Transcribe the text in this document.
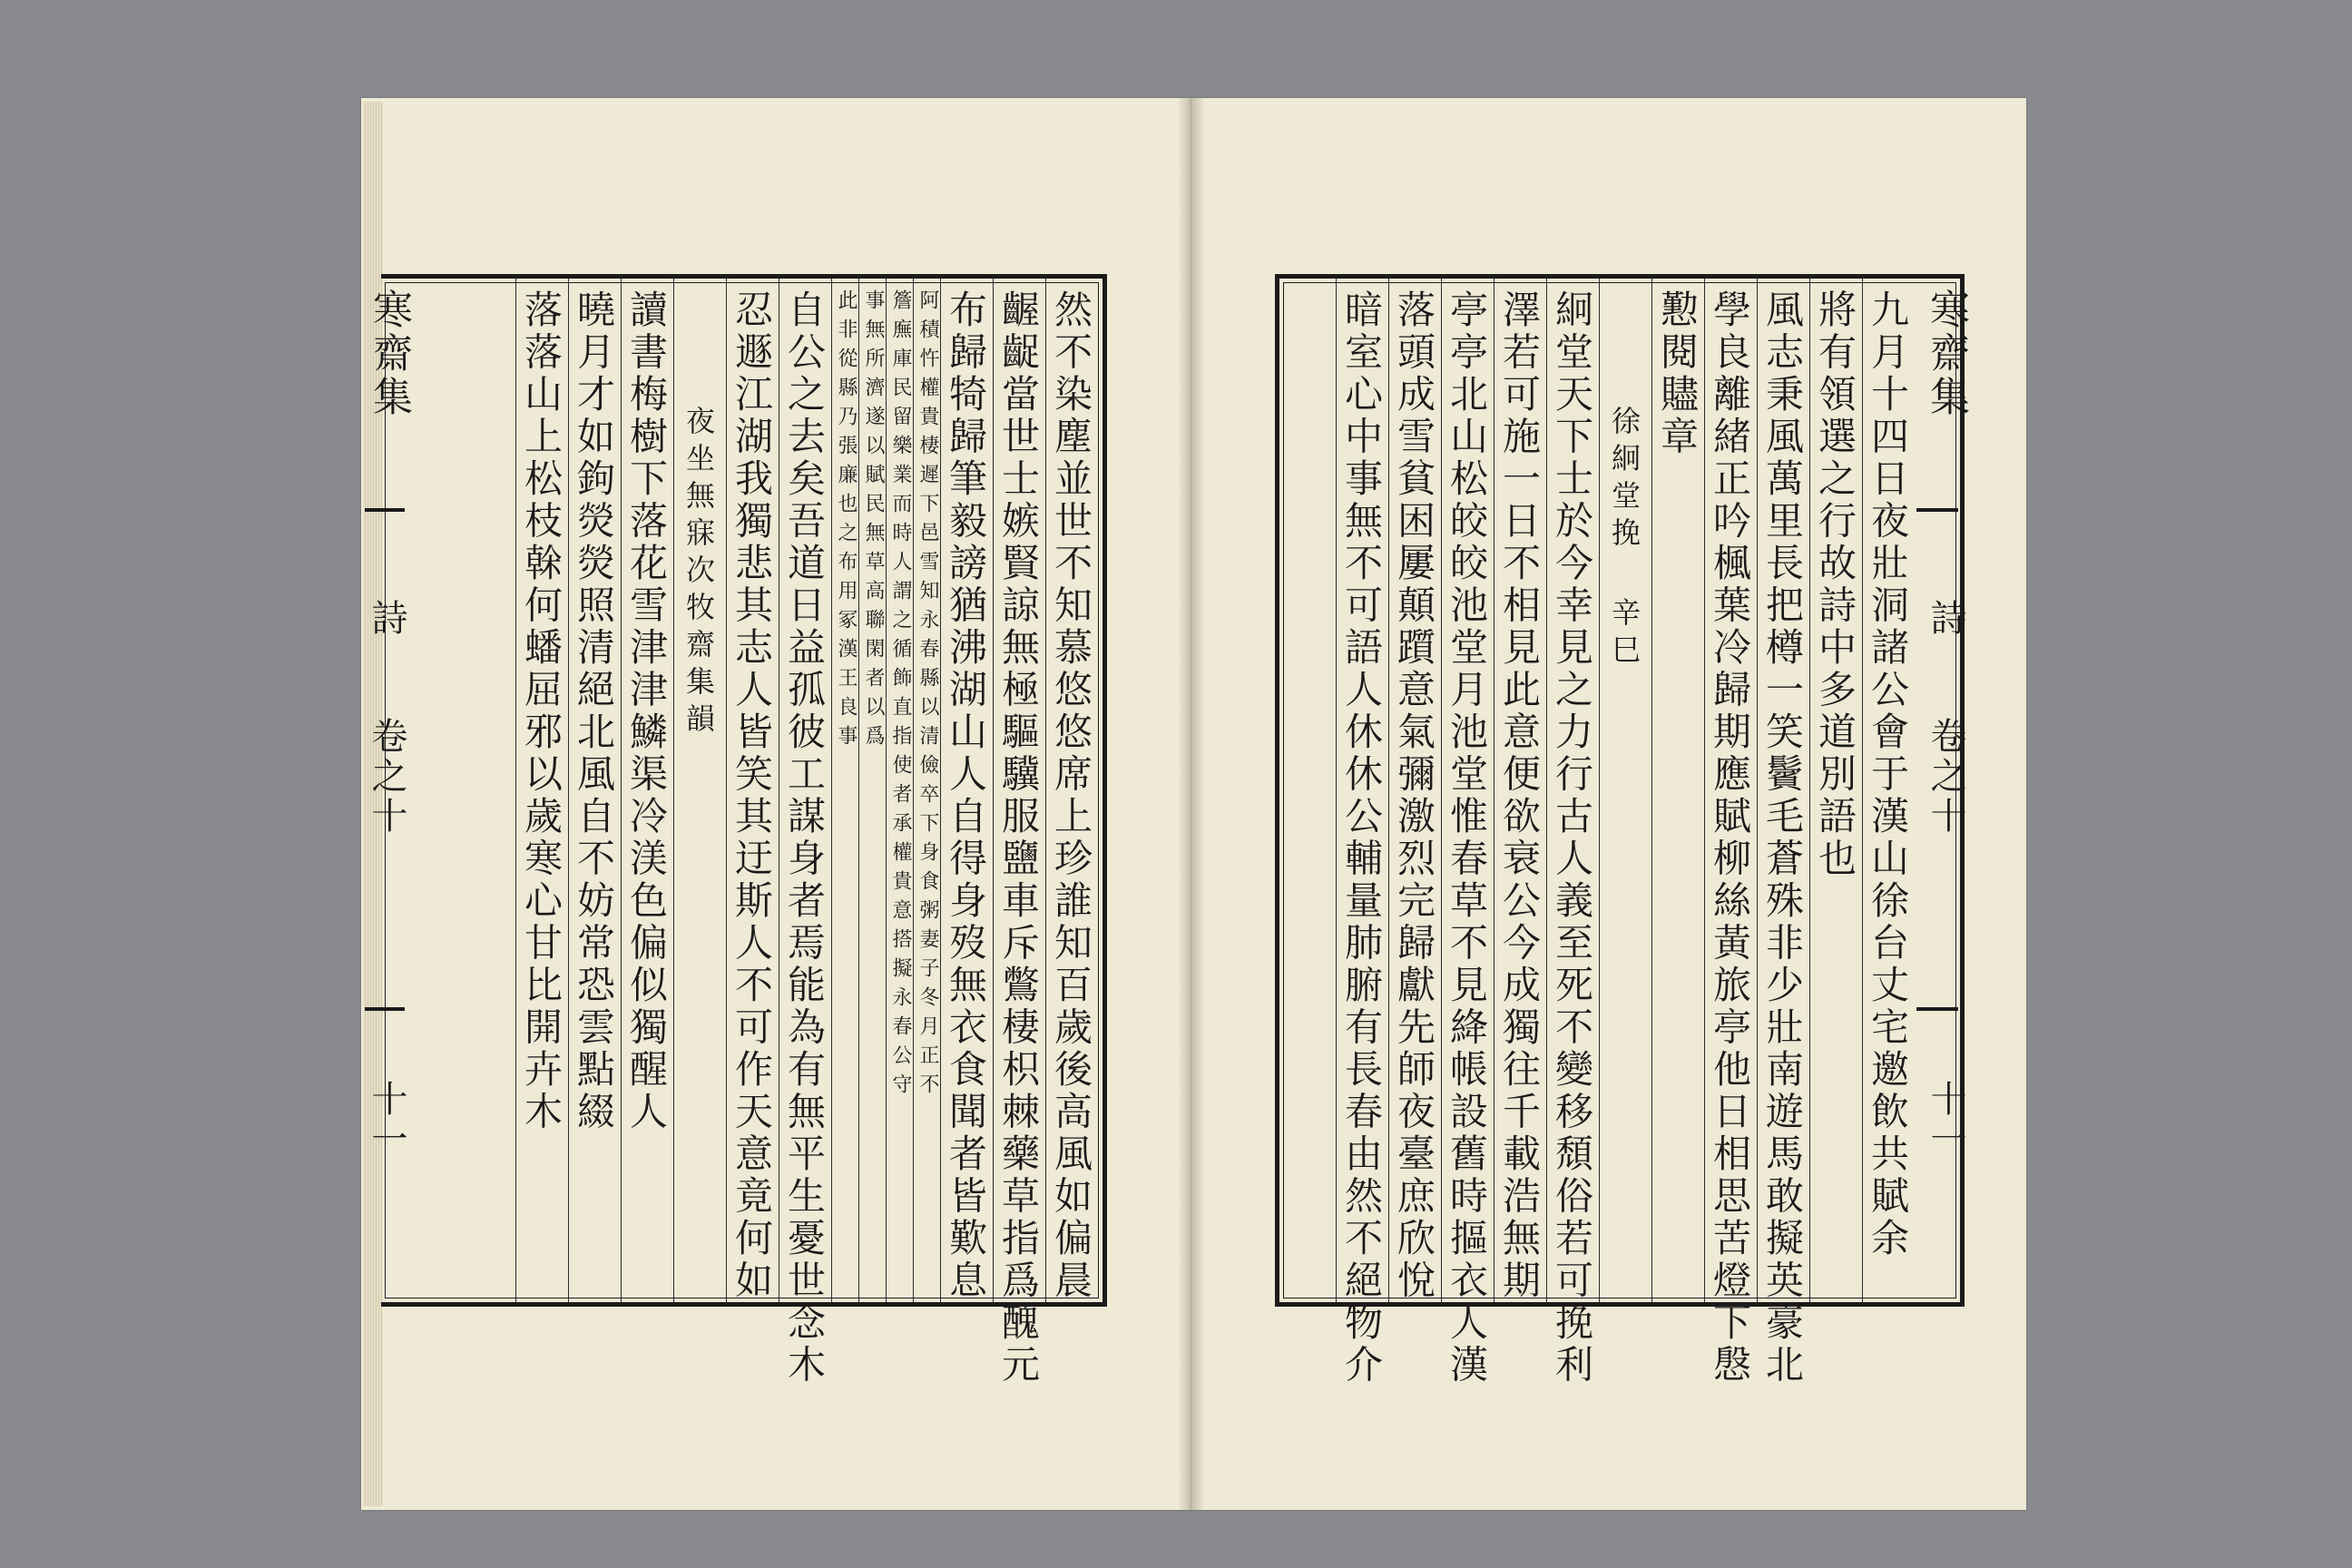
然不染塵並世不知慕悠悠席上珍誰知百歲後高風如偏晨
齷齪當世士嫉賢諒無極驅驥服鹽車斥鷩棲枳棘藥草指爲醜元
布歸犄歸筆毅謗猶沸湖山人自得身歿無衣食聞者皆歎息
阿積忤權貴棲遲下邑雪知永春縣以清儉卒下身食粥妻子冬月正不
簷廡庫民留樂業而時人謂之循飾直指使者承權貴意搭擬永春公守
事無所濟遂以賦民無草高聯閑者以爲
此非從縣乃張廉也之布用冢漢王良事
自公之去矣吾道日益孤彼工謀身者焉能為有無平生憂世念木
忍遯江湖我獨悲其志人皆笑其迂斯人不可作天意竟何如
夜坐無寐次牧齋集韻
讀書梅樹下落花雪津津鱗渠冷渼色偏似獨醒人
曉月才如鉤熒熒照清絕北風自不妨常恐雲點綴
落落山上松枝榦何蟠屈邪以歲寒心甘比開卉木
寒齋集
詩
卷之十
十一	九月十四日夜壯洞諸公會于漢山徐台丈宅邀飲共賦余
將有領選之行故詩中多道別語也
風志秉風萬里長把樽一笑鬢毛蒼殊非少壯南遊馬敢擬英豪北
學良離緒正吟楓葉冷歸期應賦柳絲黃旅亭他日相思苦燈下慇
懃閱贐章
徐絅堂挽 辛巳
絅堂天下士於今幸見之力行古人義至死不變移頹俗若可挽利
澤若可施一日不相見此意便欲衰公今成獨往千載浩無期
亭亭北山松皎皎池堂月池堂惟春草不見絳帳設舊時摳衣人漢
落頭成雪貧困屢顛躓意氣彌激烈完歸獻先師夜臺庶欣悅
暗室心中事無不可語人休休公輔量肺腑有長春由然不絕物介	寒齋集
詩
卷之十
十一
